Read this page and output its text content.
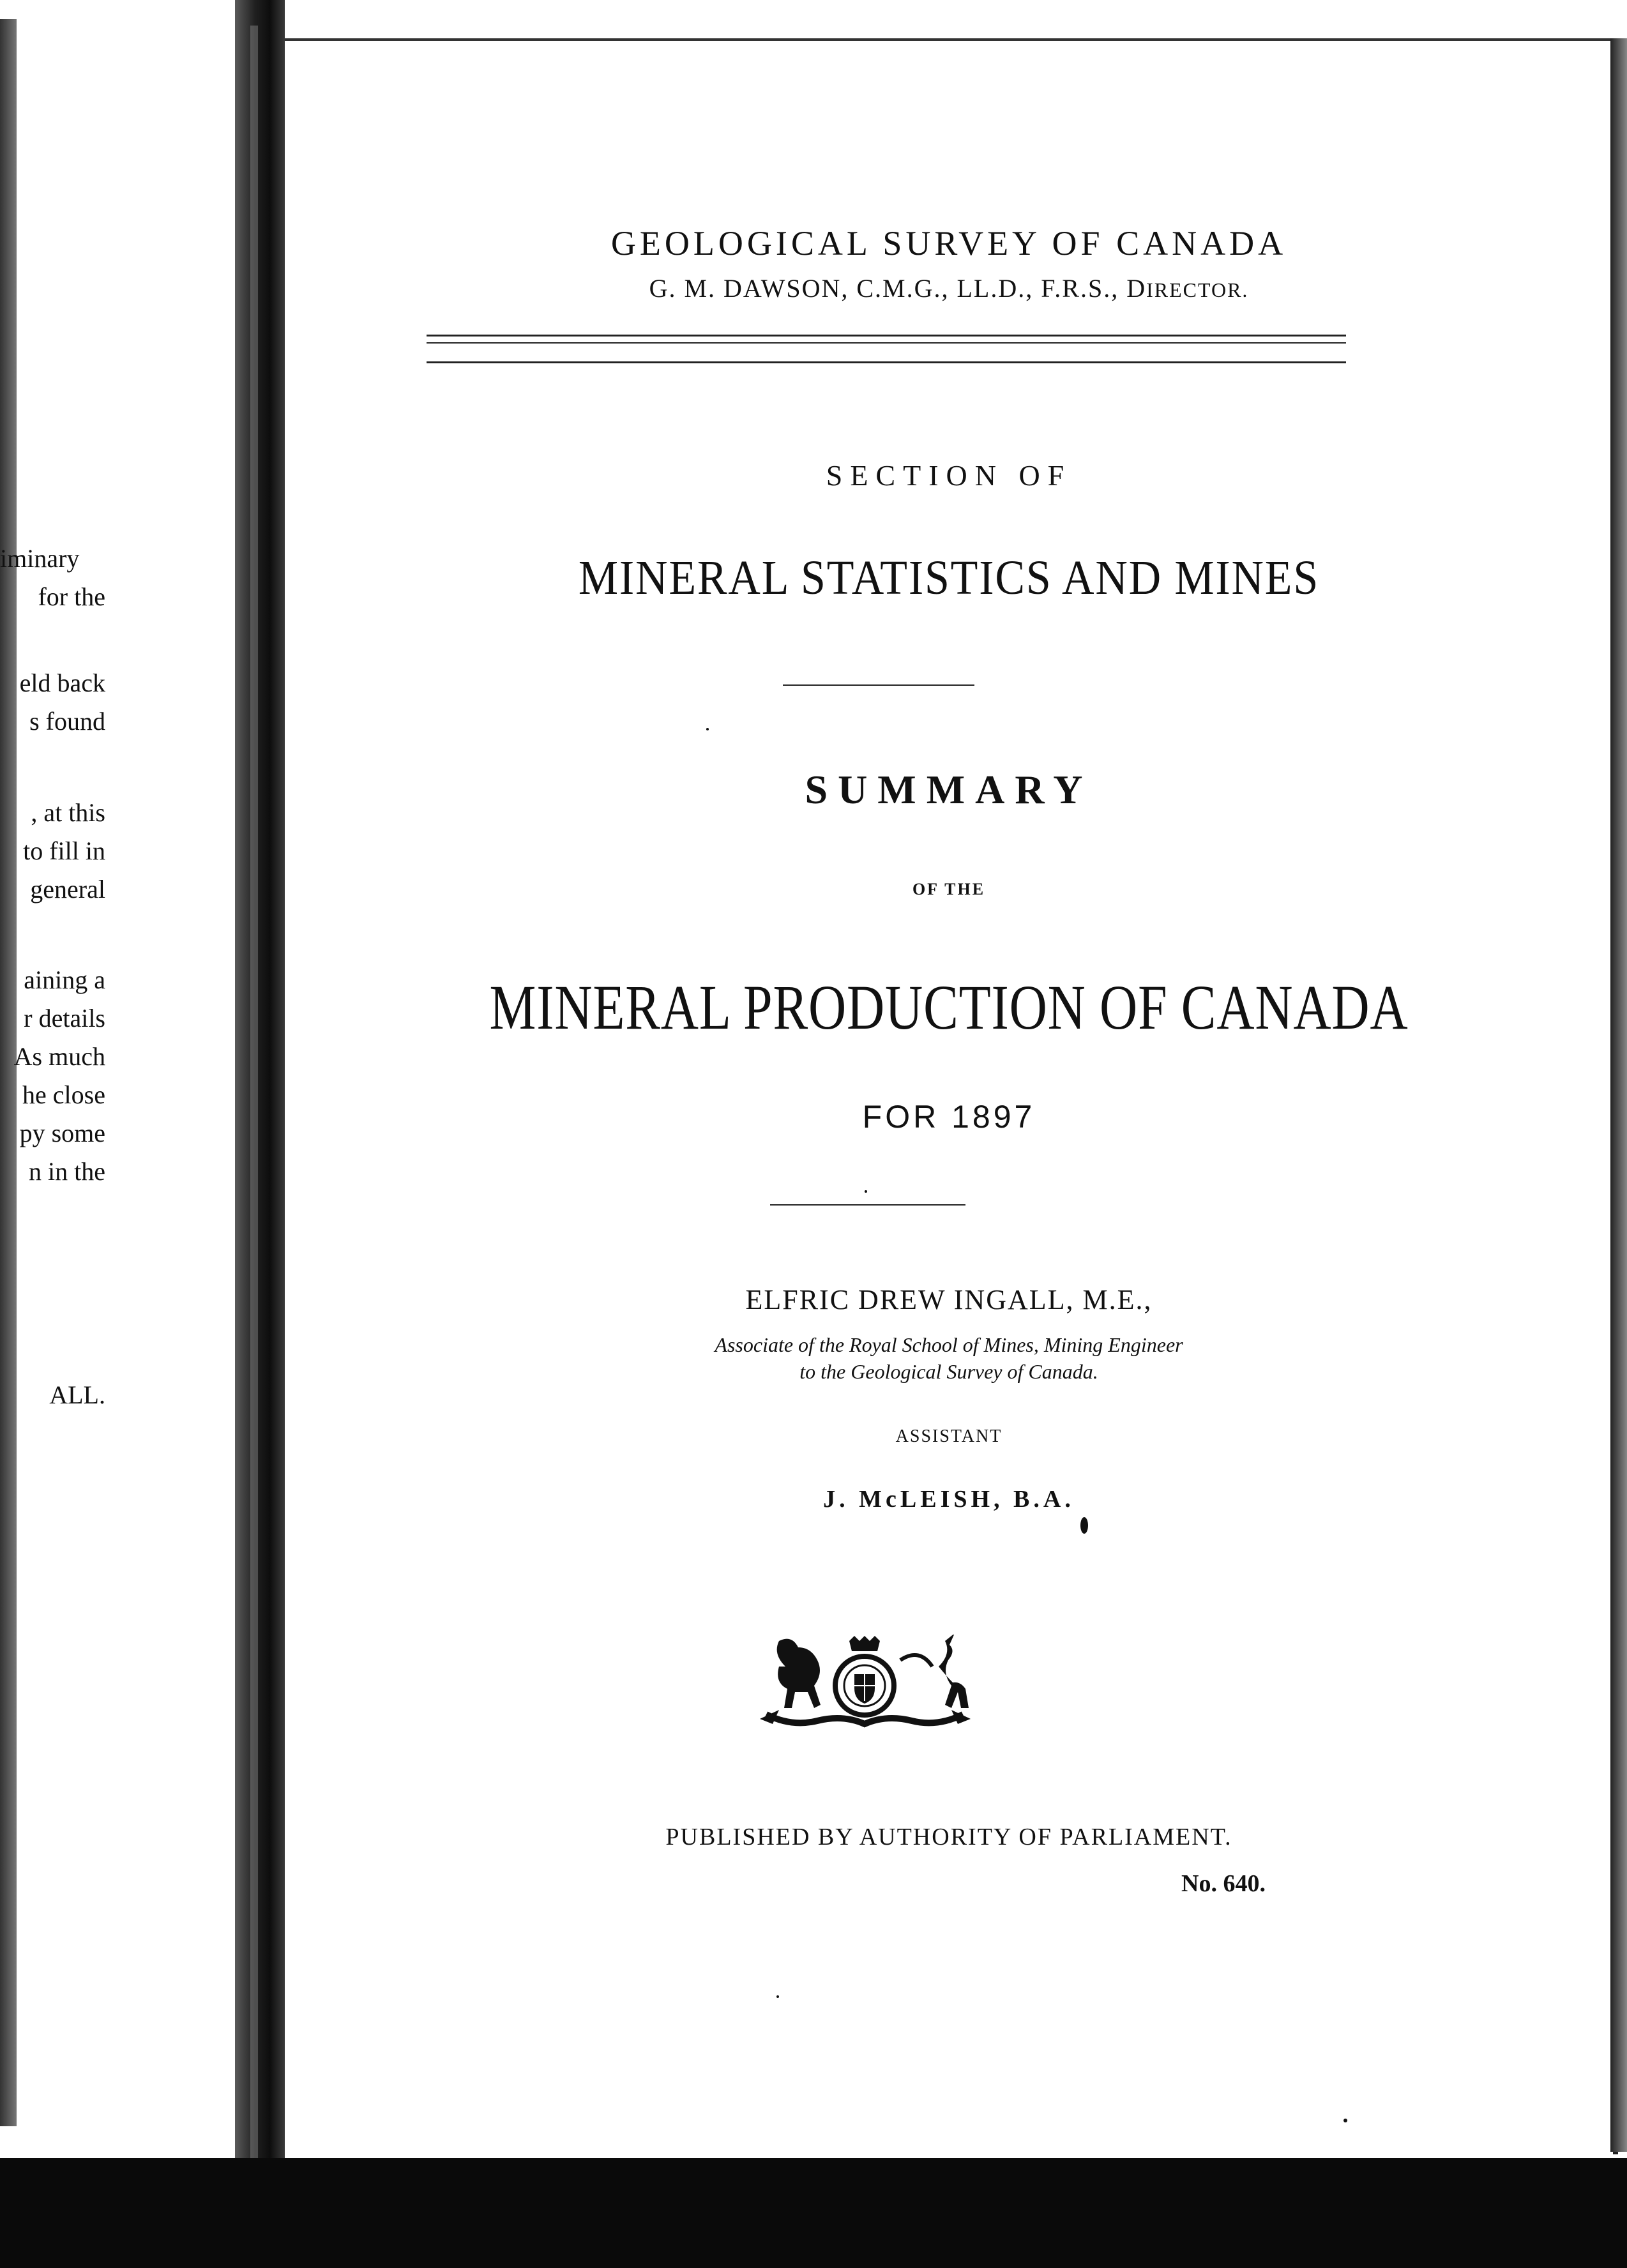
iminary
for the
eld back
s found
, at this
to fill in
general
aining a
r details
As much
he close
py some
n in the
ALL.
GEOLOGICAL SURVEY OF CANADA
G. M. DAWSON, C.M.G., LL.D., F.R.S., DIRECTOR.
SECTION OF
MINERAL STATISTICS AND MINES
SUMMARY
OF THE
MINERAL PRODUCTION OF CANADA
FOR 1897
ELFRIC DREW INGALL, M.E.,
Associate of the Royal School of Mines, Mining Engineer
to the Geological Survey of Canada.
ASSISTANT
J. McLEISH, B.A.
PUBLISHED BY AUTHORITY OF PARLIAMENT.
No. 640.
